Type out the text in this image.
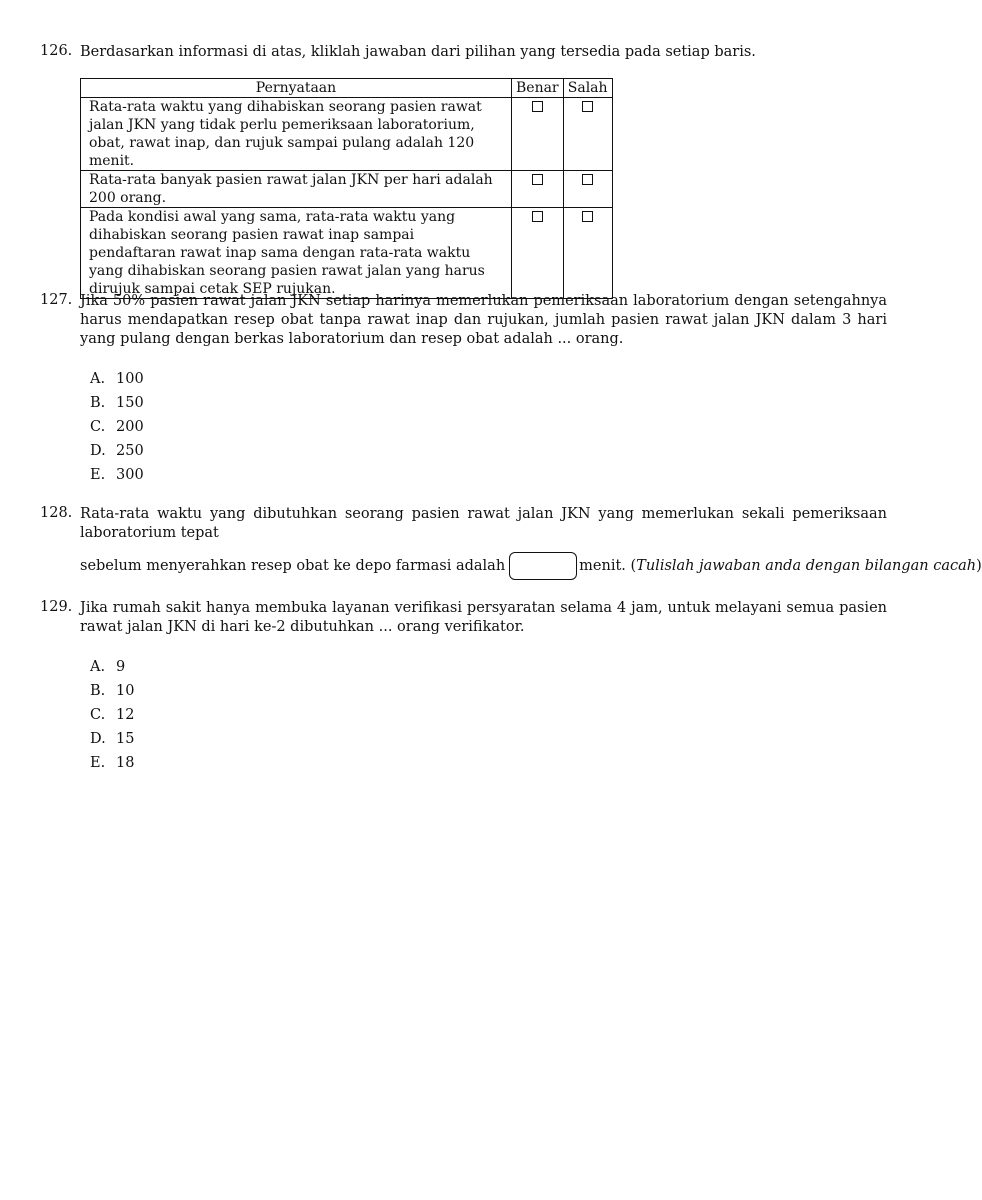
126. Berdasarkan informasi di atas, kliklah jawaban dari pilihan yang tersedia pada setiap baris.
Pernyataan	Benar	Salah
Rata-rata waktu yang dihabiskan seorang pasien rawat jalan JKN yang tidak perlu pemeriksaan laboratorium, obat, rawat inap, dan rujuk sampai pulang adalah 120 menit.		
Rata-rata banyak pasien rawat jalan JKN per hari adalah 200 orang.		
Pada kondisi awal yang sama, rata-rata waktu yang dihabiskan seorang pasien rawat inap sampai pendaftaran rawat inap sama dengan rata-rata waktu yang dihabiskan seorang pasien rawat jalan yang harus dirujuk sampai cetak SEP rujukan.		
127. Jika 50% pasien rawat jalan JKN setiap harinya memerlukan pemeriksaan laboratorium dengan setengahnya harus mendapatkan resep obat tanpa rawat inap dan rujukan, jumlah pasien rawat jalan JKN dalam 3 hari yang pulang dengan berkas laboratorium dan resep obat adalah ... orang.
A. 100
B. 150
C. 200
D. 250
E. 300
128. Rata-rata waktu yang dibutuhkan seorang pasien rawat jalan JKN yang memerlukan sekali pemeriksaan laboratorium tepat
sebelum menyerahkan resep obat ke depo farmasi adalah	menit. (Tulislah jawaban anda dengan bilangan cacah)
129. Jika rumah sakit hanya membuka layanan verifikasi persyaratan selama 4 jam, untuk melayani semua pasien rawat jalan JKN di hari ke-2 dibutuhkan ... orang verifikator.
A. 9
B. 10
C. 12
D. 15
E. 18
